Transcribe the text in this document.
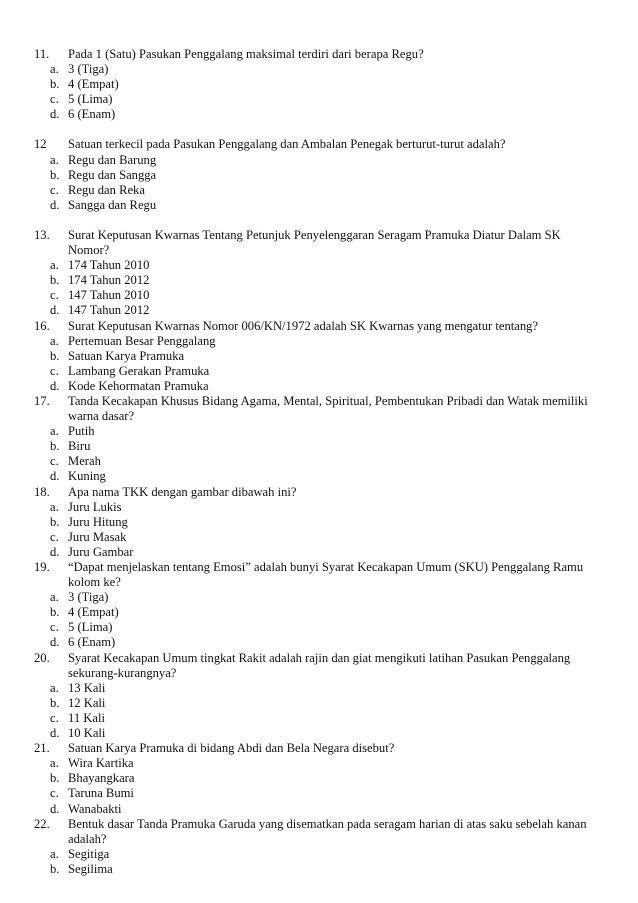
11.	Pada 1 (Satu) Pasukan Penggalang maksimal terdiri dari berapa Regu?
a. 3 (Tiga)
b. 4 (Empat)
c. 5 (Lima)
d. 6 (Enam)
12	Satuan terkecil pada Pasukan Penggalang dan Ambalan Penegak berturut-turut adalah?
a. Regu dan Barung
b. Regu dan Sangga
c. Regu dan Reka
d. Sangga dan Regu
13.	Surat Keputusan Kwarnas Tentang Petunjuk Penyelenggaran Seragam Pramuka Diatur Dalam SK
Nomor?
a. 174 Tahun 2010
b. 174 Tahun 2012
c. 147 Tahun 2010
d. 147 Tahun 2012
16.	Surat Keputusan Kwarnas Nomor 006/KN/1972 adalah SK Kwarnas yang mengatur tentang?
a. Pertemuan Besar Penggalang
b. Satuan Karya Pramuka
c. Lambang Gerakan Pramuka
d. Kode Kehormatan Pramuka
17.	Tanda Kecakapan Khusus Bidang Agama, Mental, Spiritual, Pembentukan Pribadi dan Watak memiliki
warna dasar?
a. Putih
b. Biru
c. Merah
d. Kuning
18.	Apa nama TKK dengan gambar dibawah ini?
a. Juru Lukis
b. Juru Hitung
c. Juru Masak
d. Juru Gambar
19.	“Dapat menjelaskan tentang Emosi” adalah bunyi Syarat Kecakapan Umum (SKU) Penggalang Ramu
kolom ke?
a. 3 (Tiga)
b. 4 (Empat)
c. 5 (Lima)
d. 6 (Enam)
20.	Syarat Kecakapan Umum tingkat Rakit adalah rajin dan giat mengikuti latihan Pasukan Penggalang
sekurang-kurangnya?
a. 13 Kali
b. 12 Kali
c. 11 Kali
d. 10 Kali
21.	Satuan Karya Pramuka di bidang Abdi dan Bela Negara disebut?
a. Wira Kartika
b. Bhayangkara
c. Taruna Bumi
d. Wanabakti
22.	Bentuk dasar Tanda Pramuka Garuda yang disematkan pada seragam harian di atas saku sebelah kanan
adalah?
a. Segitiga
b. Segilima
